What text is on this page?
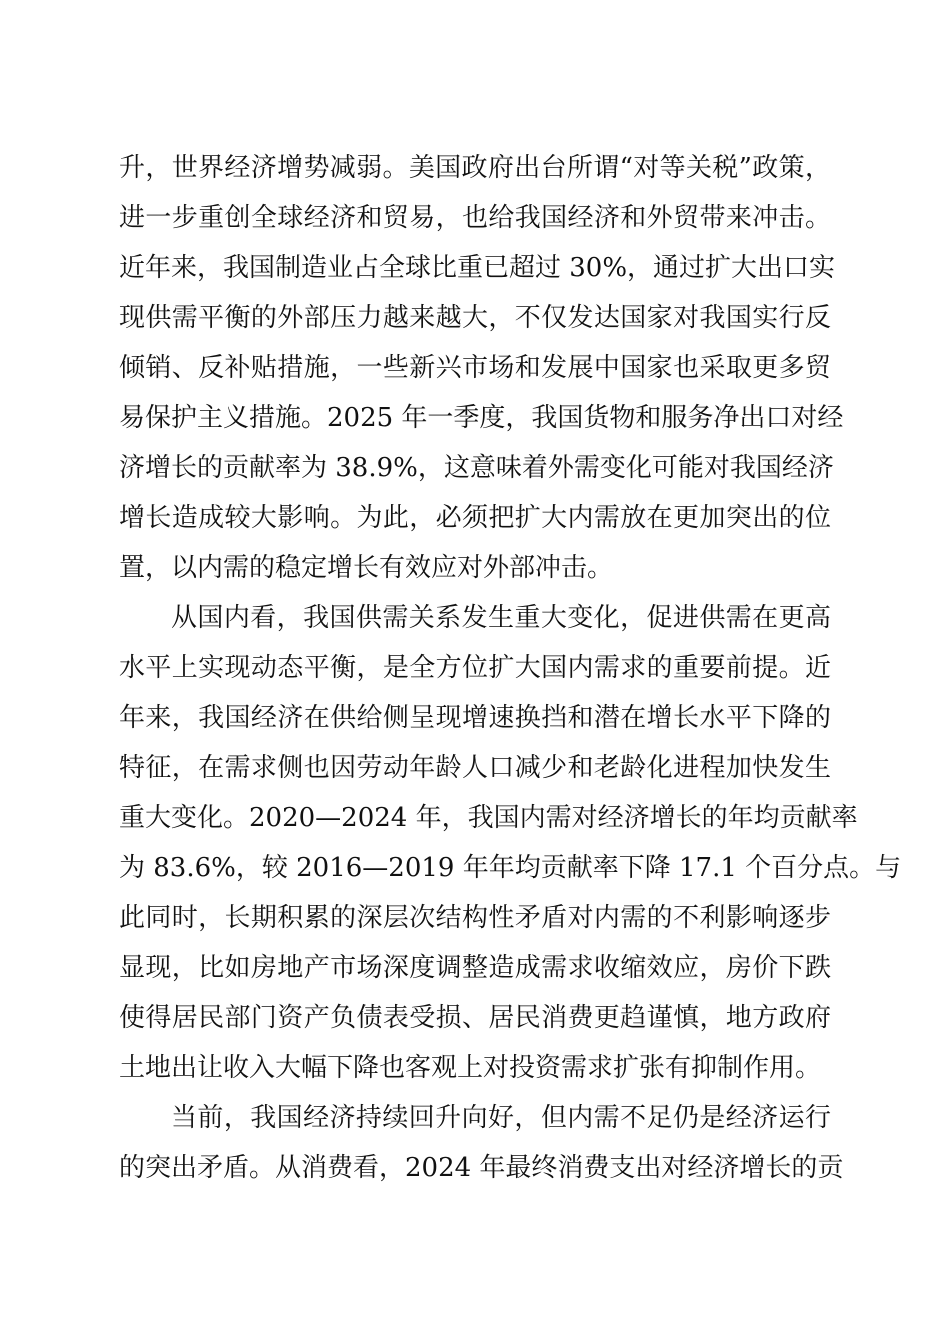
升，世界经济增势减弱。美国政府出台所谓“对等关税”政策，
进一步重创全球经济和贸易，也给我国经济和外贸带来冲击。
近年来，我国制造业占全球比重已超过 30%，通过扩大出口实
现供需平衡的外部压力越来越大，不仅发达国家对我国实行反
倾销、反补贴措施，一些新兴市场和发展中国家也采取更多贸
易保护主义措施。2025 年一季度，我国货物和服务净出口对经
济增长的贡献率为 38.9%，这意味着外需变化可能对我国经济
增长造成较大影响。为此，必须把扩大内需放在更加突出的位
置，以内需的稳定增长有效应对外部冲击。
从国内看，我国供需关系发生重大变化，促进供需在更高
水平上实现动态平衡，是全方位扩大国内需求的重要前提。近
年来，我国经济在供给侧呈现增速换挡和潜在增长水平下降的
特征，在需求侧也因劳动年龄人口减少和老龄化进程加快发生
重大变化。2020—2024 年，我国内需对经济增长的年均贡献率
为 83.6%，较 2016—2019 年年均贡献率下降 17.1 个百分点。与
此同时，长期积累的深层次结构性矛盾对内需的不利影响逐步
显现，比如房地产市场深度调整造成需求收缩效应，房价下跌
使得居民部门资产负债表受损、居民消费更趋谨慎，地方政府
土地出让收入大幅下降也客观上对投资需求扩张有抑制作用。
当前，我国经济持续回升向好，但内需不足仍是经济运行
的突出矛盾。从消费看，2024 年最终消费支出对经济增长的贡
